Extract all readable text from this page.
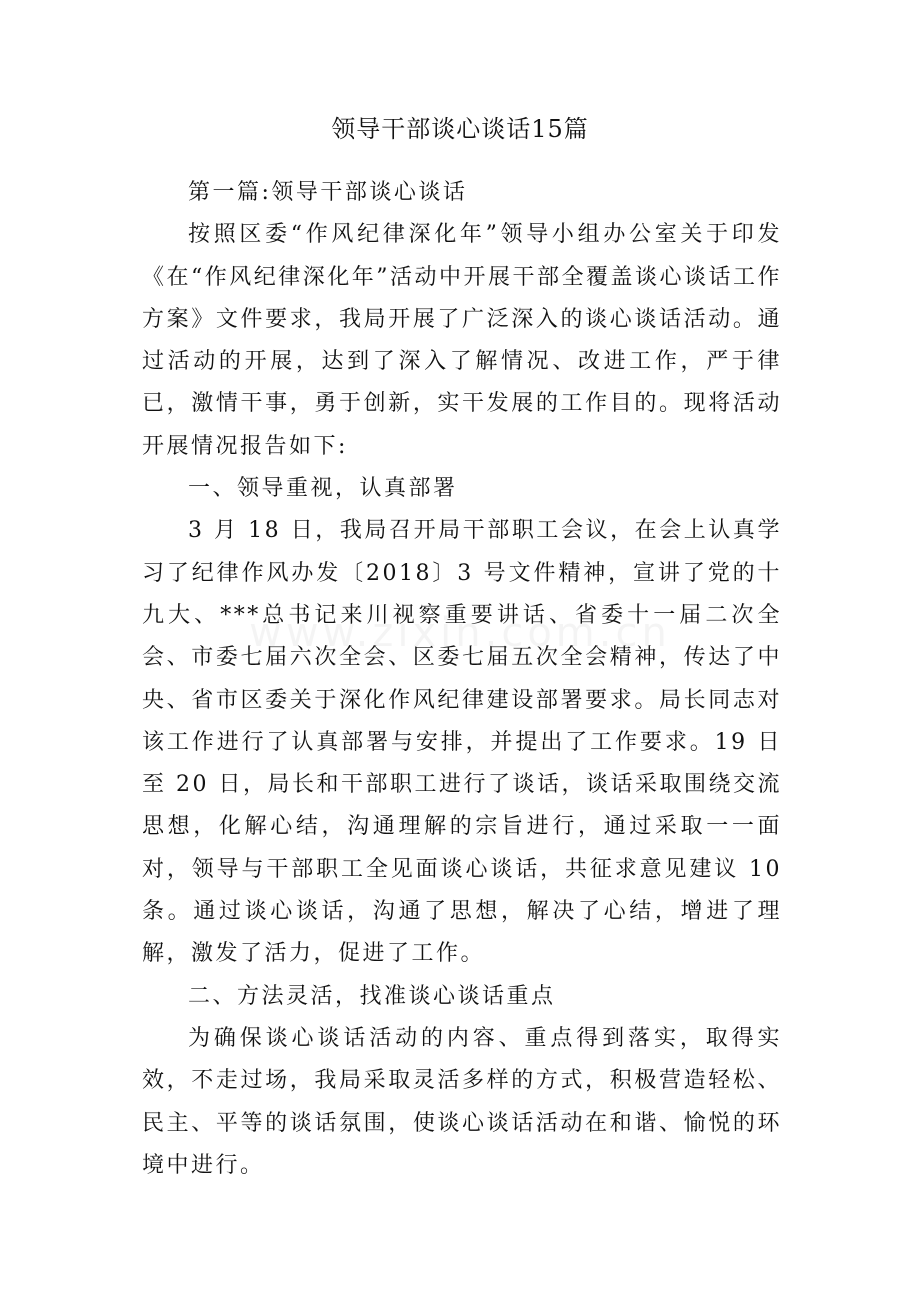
领导干部谈心谈话15篇

第一篇:领导干部谈心谈话

按照区委“作风纪律深化年”领导小组办公室关于印发《在“作风纪律深化年”活动中开展干部全覆盖谈心谈话工作方案》文件要求，我局开展了广泛深入的谈心谈话活动。通过活动的开展，达到了深入了解情况、改进工作，严于律已，激情干事，勇于创新，实干发展的工作目的。现将活动开展情况报告如下:

一、领导重视，认真部署

3 月 18 日，我局召开局干部职工会议，在会上认真学习了纪律作风办发〔2018〕3 号文件精神，宣讲了党的十九大、***总书记来川视察重要讲话、省委十一届二次全会、市委七届六次全会、区委七届五次全会精神，传达了中央、省市区委关于深化作风纪律建设部署要求。局长同志对该工作进行了认真部署与安排，并提出了工作要求。19 日至 20 日，局长和干部职工进行了谈话，谈话采取围绕交流思想，化解心结，沟通理解的宗旨进行，通过采取一一面对，领导与干部职工全见面谈心谈话，共征求意见建议 10 条。通过谈心谈话，沟通了思想，解决了心结，增进了理解，激发了活力，促进了工作。

二、方法灵活，找准谈心谈话重点

为确保谈心谈话活动的内容、重点得到落实，取得实效，不走过场，我局采取灵活多样的方式，积极营造轻松、民主、平等的谈话氛围，使谈心谈话活动在和谐、愉悦的环境中进行。
